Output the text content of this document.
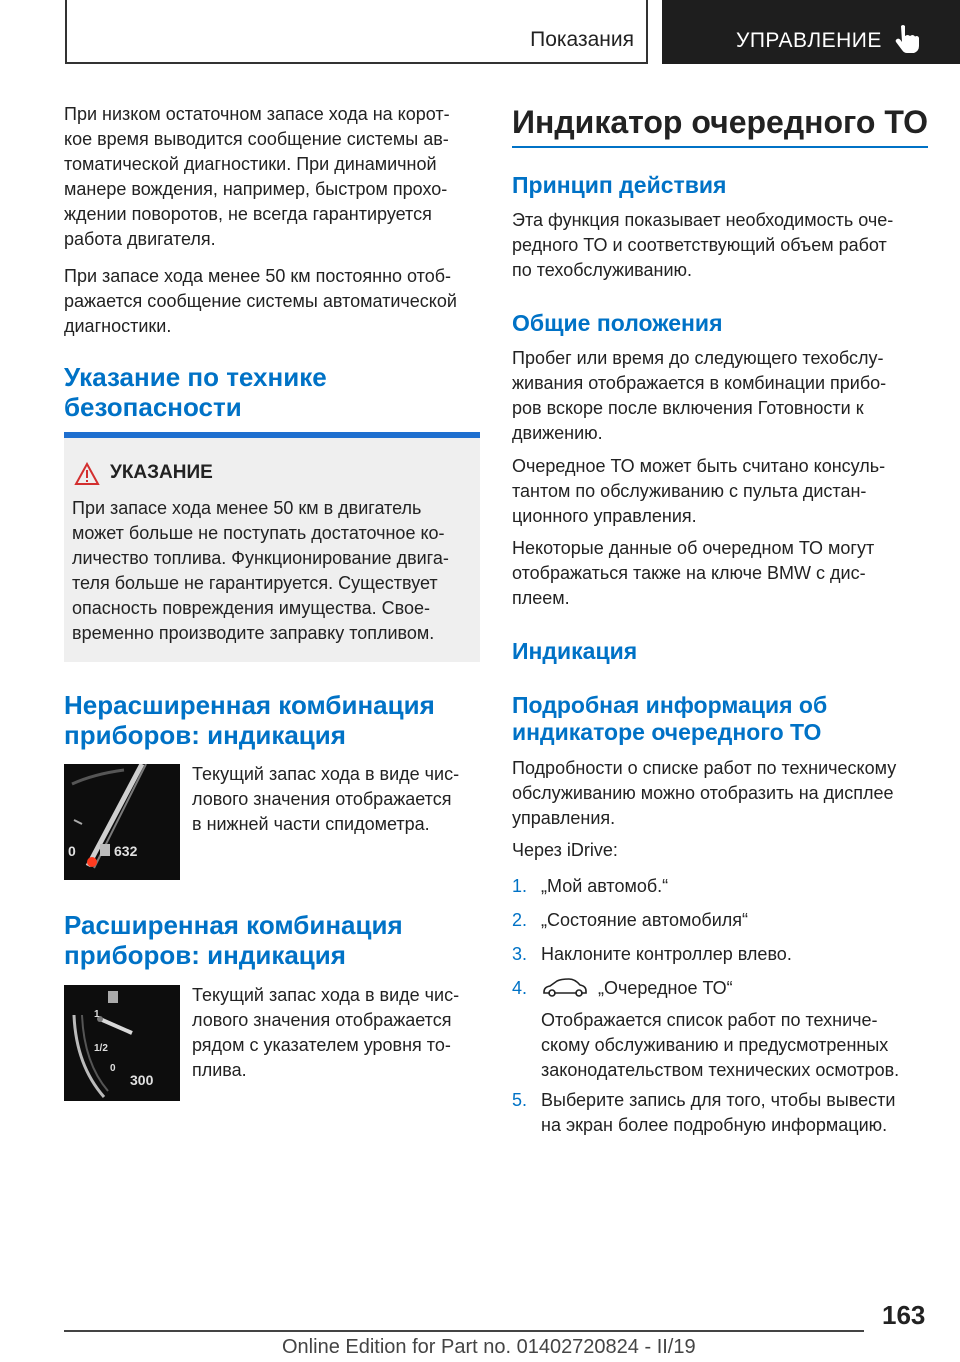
Показания	УПРАВЛЕНИЕ

При низком остаточном запасе хода на корот-

кое время выводится сообщение системы ав-

томатической диагностики. При динамичной

манере вождения, например, быстром прохо-

ждении поворотов, не всегда гарантируется

работа двигателя.

При запасе хода менее 50 км постоянно отоб-

ражается сообщение системы автоматической

диагностики.

Указание по технике
безопасности
УКАЗАНИЕ

При запасе хода менее 50 км в двигатель

может больше не поступать достаточное ко-

личество топлива. Функционирование двига-

теля больше не гарантируется. Существует

опасность повреждения имущества. Свое-

временно производите заправку топливом.

Нерасширенная комбинация
приборов: индикация
0	632

Текущий запас хода в виде чис-

лового значения отображается

в нижней части спидометра.

Расширенная комбинация
приборов: индикация
1
1/2
0
300

Текущий запас хода в виде чис-

лового значения отображается

рядом с указателем уровня то-

плива.

Индикатор очередного ТО
Принцип действия

Эта функция показывает необходимость оче-

редного ТО и соответствующий объем работ

по техобслуживанию.

Общие положения

Пробег или время до следующего техобслу-

живания отображается в комбинации прибо-

ров вскоре после включения Готовности к

движению.

Очередное ТО может быть считано консуль-

тантом по обслуживанию с пульта дистан-

ционного управления.

Некоторые данные об очередном ТО могут

отображаться также на ключе BMW с дис-

плеем.

Индикация
Подробная информация об
индикаторе очередного ТО

Подробности о списке работ по техническому

обслуживанию можно отобразить на дисплее

управления.

Через iDrive:

1. „Мой автомоб.“
2. „Состояние автомобиля“
3. Наклоните контроллер влево.
4.	„Очередное ТО“

Отображается список работ по техниче-

скому обслуживанию и предусмотренных

законодательством технических осмотров.

5. Выберите запись для того, чтобы вывести

на экран более подробную информацию.

163
Online Edition for Part no. 01402720824 - II/19
